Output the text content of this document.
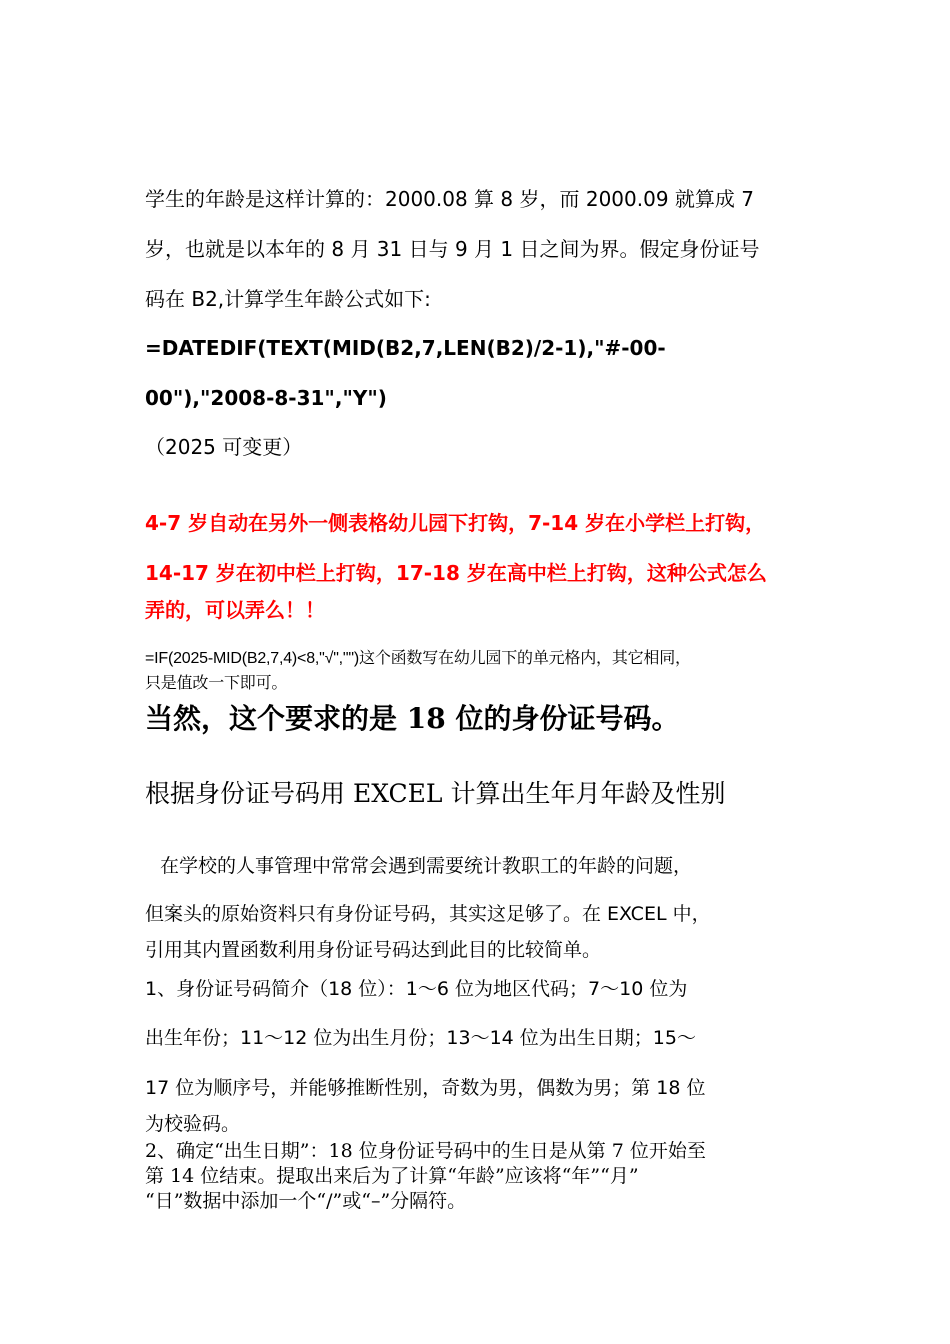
学生的年龄是这样计算的：2000.08 算 8 岁，而 2000.09 就算成 7
岁，也就是以本年的 8 月 31 日与 9 月 1 日之间为界。假定身份证号
码在 B2,计算学生年龄公式如下:
=DATEDIF(TEXT(MID(B2,7,LEN(B2)/2-1),"#-00-
00"),"2008-8-31","Y")
（2025 可变更）
4-7 岁自动在另外一侧表格幼儿园下打钩，7-14 岁在小学栏上打钩，
14-17 岁在初中栏上打钩，17-18 岁在高中栏上打钩，这种公式怎么
弄的，可以弄么！！
=IF(2025-MID(B2,7,4)<8,"√","")这个函数写在幼儿园下的单元格内，其它相同，
只是值改一下即可。
当然，这个要求的是 18 位的身份证号码。
根据身份证号码用 EXCEL 计算出生年月年龄及性别
在学校的人事管理中常常会遇到需要统计教职工的年龄的问题，
但案头的原始资料只有身份证号码，其实这足够了。在 EXCEL 中，
引用其内置函数利用身份证号码达到此目的比较简单。
1、身份证号码简介（18 位）：1～6 位为地区代码；7～10 位为
出生年份；11～12 位为出生月份；13～14 位为出生日期；15～
17 位为顺序号，并能够推断性别，奇数为男，偶数为男；第 18 位
为校验码。
2、确定“出生日期”：18 位身份证号码中的生日是从第 7 位开始至
第 14 位结束。提取出来后为了计算“年龄”应该将“年”“月”
“日”数据中添加一个“/”或“–”分隔符。
